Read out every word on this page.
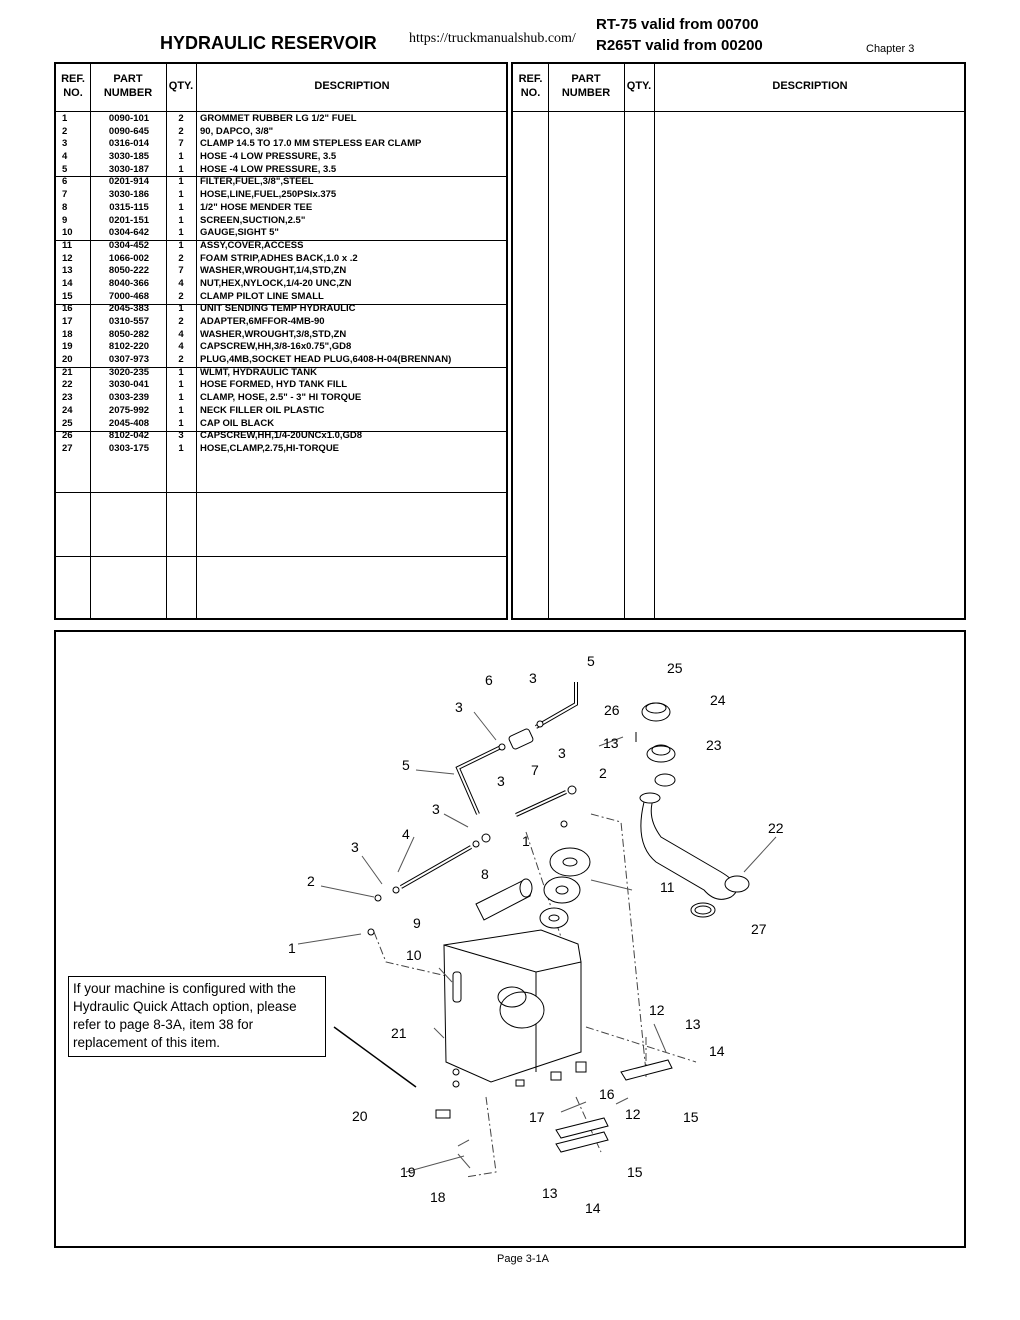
HYDRAULIC RESERVOIR https://truckmanualshub.com/
RT-75 valid from 00700
R265T valid from 00200	Chapter 3
REF.
NO.
PART
NUMBER
QTY.	DESCRIPTION
1	0090-101	2	GROMMET RUBBER LG 1/2" FUEL
2	0090-645	2	90, DAPCO, 3/8"
3	0316-014	7	CLAMP 14.5 TO 17.0 MM STEPLESS EAR CLAMP
4	3030-185	1	HOSE -4 LOW PRESSURE, 3.5
5	3030-187	1	HOSE -4 LOW PRESSURE, 3.5
6	0201-914	1	FILTER,FUEL,3/8",STEEL
7	3030-186	1	HOSE,LINE,FUEL,250PSIx.375
8	0315-115	1	1/2" HOSE MENDER TEE
9	0201-151	1	SCREEN,SUCTION,2.5"
10	0304-642	1	GAUGE,SIGHT 5"
11	0304-452	1	ASSY,COVER,ACCESS
12	1066-002	2	FOAM STRIP,ADHES BACK,1.0 x .2
13	8050-222	7	WASHER,WROUGHT,1/4,STD,ZN
14	8040-366	4	NUT,HEX,NYLOCK,1/4-20 UNC,ZN
15	7000-468	2	CLAMP PILOT LINE SMALL
16	2045-383	1	UNIT SENDING TEMP HYDRAULIC
17	0310-557	2	ADAPTER,6MFFOR-4MB-90
18	8050-282	4	WASHER,WROUGHT,3/8,STD,ZN
19	8102-220	4	CAPSCREW,HH,3/8-16x0.75",GD8
20	0307-973	2	PLUG,4MB,SOCKET HEAD PLUG,6408-H-04(BRENNAN)
21	3020-235	1	WLMT, HYDRAULIC TANK
22	3030-041	1	HOSE FORMED, HYD TANK FILL
23	0303-239	1	CLAMP, HOSE, 2.5" - 3" HI TORQUE
24	2075-992	1	NECK FILLER OIL PLASTIC
25	2045-408	1	CAP OIL BLACK
26	8102-042	3	CAPSCREW,HH,1/4-20UNCx1.0,GD8
27	0303-175	1	HOSE,CLAMP,2.75,HI-TORQUE
REF.
NO.
PART
NUMBER
QTY.	DESCRIPTION
If your machine is configured with the Hydraulic Quick Attach option, please refer to page 8-3A, item 38 for replacement of this item.
5	25
6	3
24
3	26
13	23
3
7	2
5
3
22
3
4	1
3
8
11
2
9	27
1	10
12
13
21
14
16
12
20	17	15
19	15
13
18
14
Page 3-1A
